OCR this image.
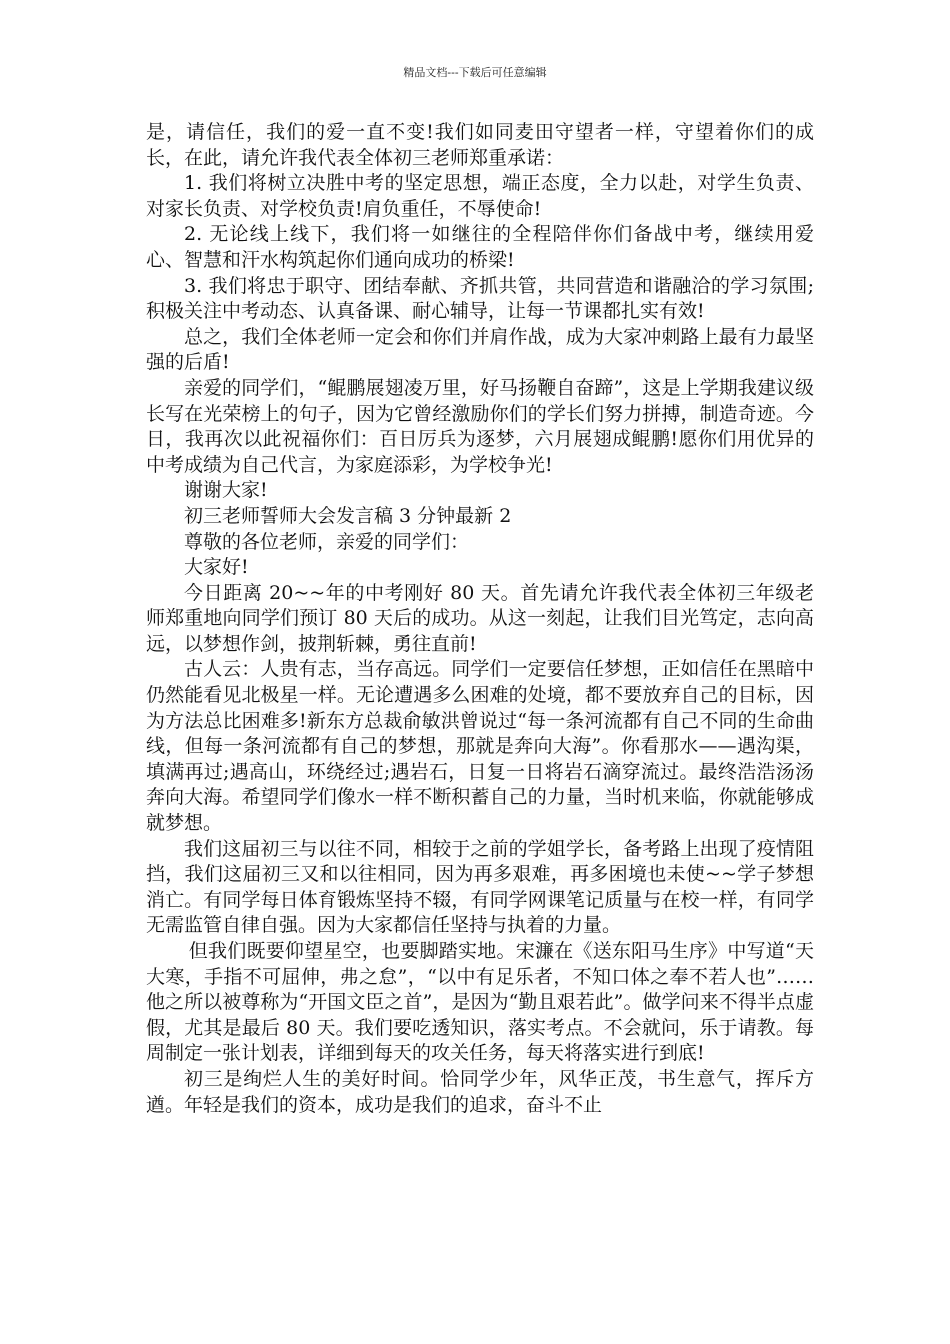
精品文档---下载后可任意编辑

是，请信任，我们的爱一直不变!我们如同麦田守望者一样，守望着你们的成长，在此，请允许我代表全体初三老师郑重承诺：

1. 我们将树立决胜中考的坚定思想，端正态度，全力以赴，对学生负责、对家长负责、对学校负责!肩负重任，不辱使命!

2. 无论线上线下，我们将一如继往的全程陪伴你们备战中考，继续用爱心、智慧和汗水构筑起你们通向成功的桥梁!

3. 我们将忠于职守、团结奉献、齐抓共管，共同营造和谐融洽的学习氛围;积极关注中考动态、认真备课、耐心辅导，让每一节课都扎实有效!

总之，我们全体老师一定会和你们并肩作战，成为大家冲刺路上最有力最坚强的后盾!

亲爱的同学们，“鲲鹏展翅凌万里，好马扬鞭自奋蹄”，这是上学期我建议级长写在光荣榜上的句子，因为它曾经激励你们的学长们努力拼搏，制造奇迹。今日，我再次以此祝福你们：百日厉兵为逐梦，六月展翅成鲲鹏!愿你们用优异的中考成绩为自己代言，为家庭添彩，为学校争光!

谢谢大家!

初三老师誓师大会发言稿 3 分钟最新 2

尊敬的各位老师，亲爱的同学们：

大家好!

今日距离 20~~年的中考刚好 80 天。首先请允许我代表全体初三年级老师郑重地向同学们预订 80 天后的成功。从这一刻起，让我们目光笃定，志向高远，以梦想作剑，披荆斩棘，勇往直前!

古人云：人贵有志，当存高远。同学们一定要信任梦想，正如信任在黑暗中仍然能看见北极星一样。无论遭遇多么困难的处境，都不要放弃自己的目标，因为方法总比困难多!新东方总裁俞敏洪曾说过“每一条河流都有自己不同的生命曲线，但每一条河流都有自己的梦想，那就是奔向大海”。你看那水——遇沟渠，填满再过;遇高山，环绕经过;遇岩石，日复一日将岩石滴穿流过。最终浩浩汤汤奔向大海。希望同学们像水一样不断积蓄自己的力量，当时机来临，你就能够成就梦想。

我们这届初三与以往不同，相较于之前的学姐学长，备考路上出现了疫情阻挡，我们这届初三又和以往相同，因为再多艰难，再多困境也未使~~学子梦想消亡。有同学每日体育锻炼坚持不辍，有同学网课笔记质量与在校一样，有同学无需监管自律自强。因为大家都信任坚持与执着的力量。

但我们既要仰望星空，也要脚踏实地。宋濂在《送东阳马生序》中写道“天大寒，手指不可屈伸，弗之怠”，“以中有足乐者，不知口体之奉不若人也”……他之所以被尊称为“开国文臣之首”，是因为“勤且艰若此”。做学问来不得半点虚假，尤其是最后 80 天。我们要吃透知识，落实考点。不会就问，乐于请教。每周制定一张计划表，详细到每天的攻关任务，每天将落实进行到底!

初三是绚烂人生的美好时间。恰同学少年，风华正茂，书生意气，挥斥方遒。年轻是我们的资本，成功是我们的追求，奋斗不止
